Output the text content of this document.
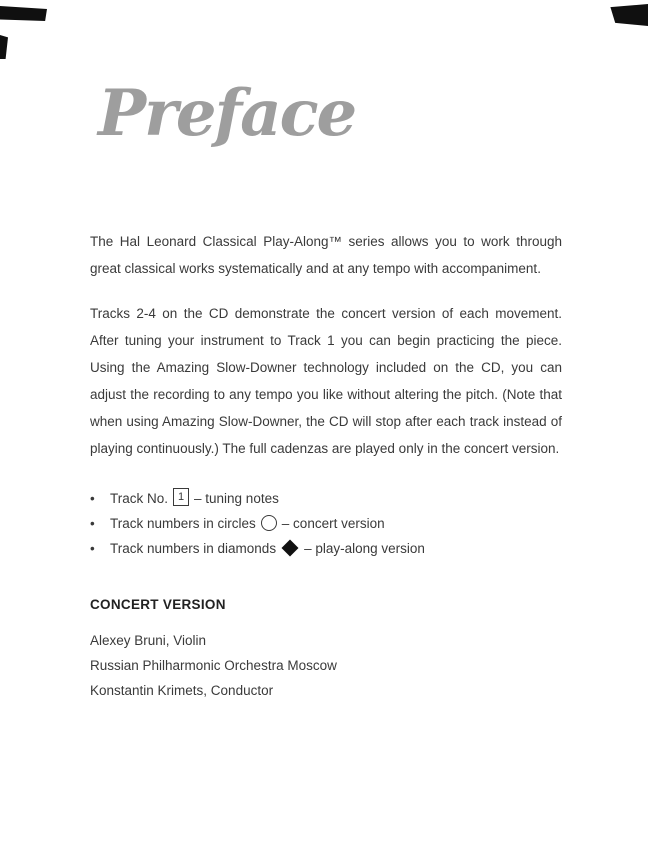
Preface

The Hal Leonard Classical Play-Along™ series allows you to work through great classical works systematically and at any tempo with accompaniment.

Tracks 2-4 on the CD demonstrate the concert version of each movement. After tuning your instrument to Track 1 you can begin practicing the piece. Using the Amazing Slow-Downer technology included on the CD, you can adjust the recording to any tempo you like without altering the pitch. (Note that when using Amazing Slow-Downer, the CD will stop after each track instead of playing continuously.) The full cadenzas are played only in the concert version.

•	Track No. 1 – tuning notes
•	Track numbers in circles – concert version
•	Track numbers in diamonds – play-along version
CONCERT VERSION
Alexey Bruni, Violin
Russian Philharmonic Orchestra Moscow
Konstantin Krimets, Conductor
